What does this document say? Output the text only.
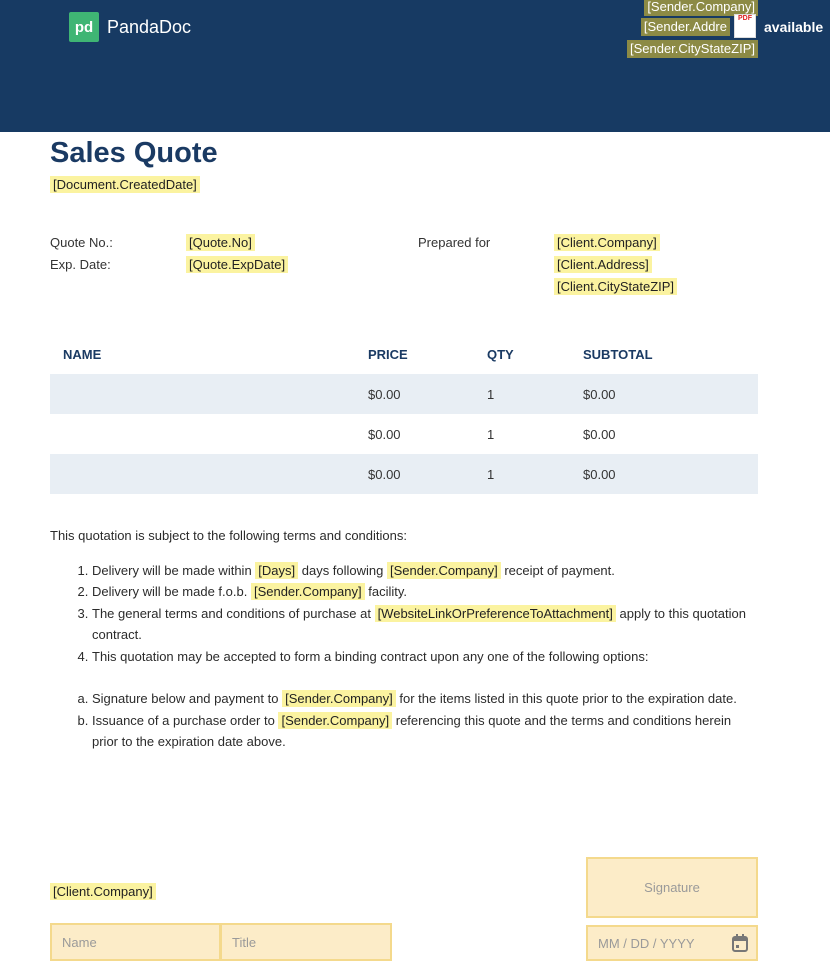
pd PandaDoc
[Sender.Company]
[Sender.Addre
[Sender.CityStateZIP]
PDF
available
Sales Quote
[Document.CreatedDate]
Quote No.:	[Quote.No]
Exp. Date:	[Quote.ExpDate]
Prepared for	[Client.Company]
[Client.Address]
[Client.CityStateZIP]
NAME	PRICE	QTY	SUBTOTAL
	$0.00	1	$0.00
	$0.00	1	$0.00
	$0.00	1	$0.00

This quotation is subject to the following terms and conditions:

1. Delivery will be made within [Days] days following [Sender.Company] receipt of payment.
2. Delivery will be made f.o.b. [Sender.Company] facility.
3. The general terms and conditions of purchase at [WebsiteLinkOrPreferenceToAttachment] apply to this quotation contract.
4. This quotation may be accepted to form a binding contract upon any one of the following options:
a. Signature below and payment to [Sender.Company] for the items listed in this quote prior to the expiration date.
b. Issuance of a purchase order to [Sender.Company] referencing this quote and the terms and conditions herein prior to the expiration date above.
[Client.Company]
Name	Title
Signature
MM / DD / YYYY
